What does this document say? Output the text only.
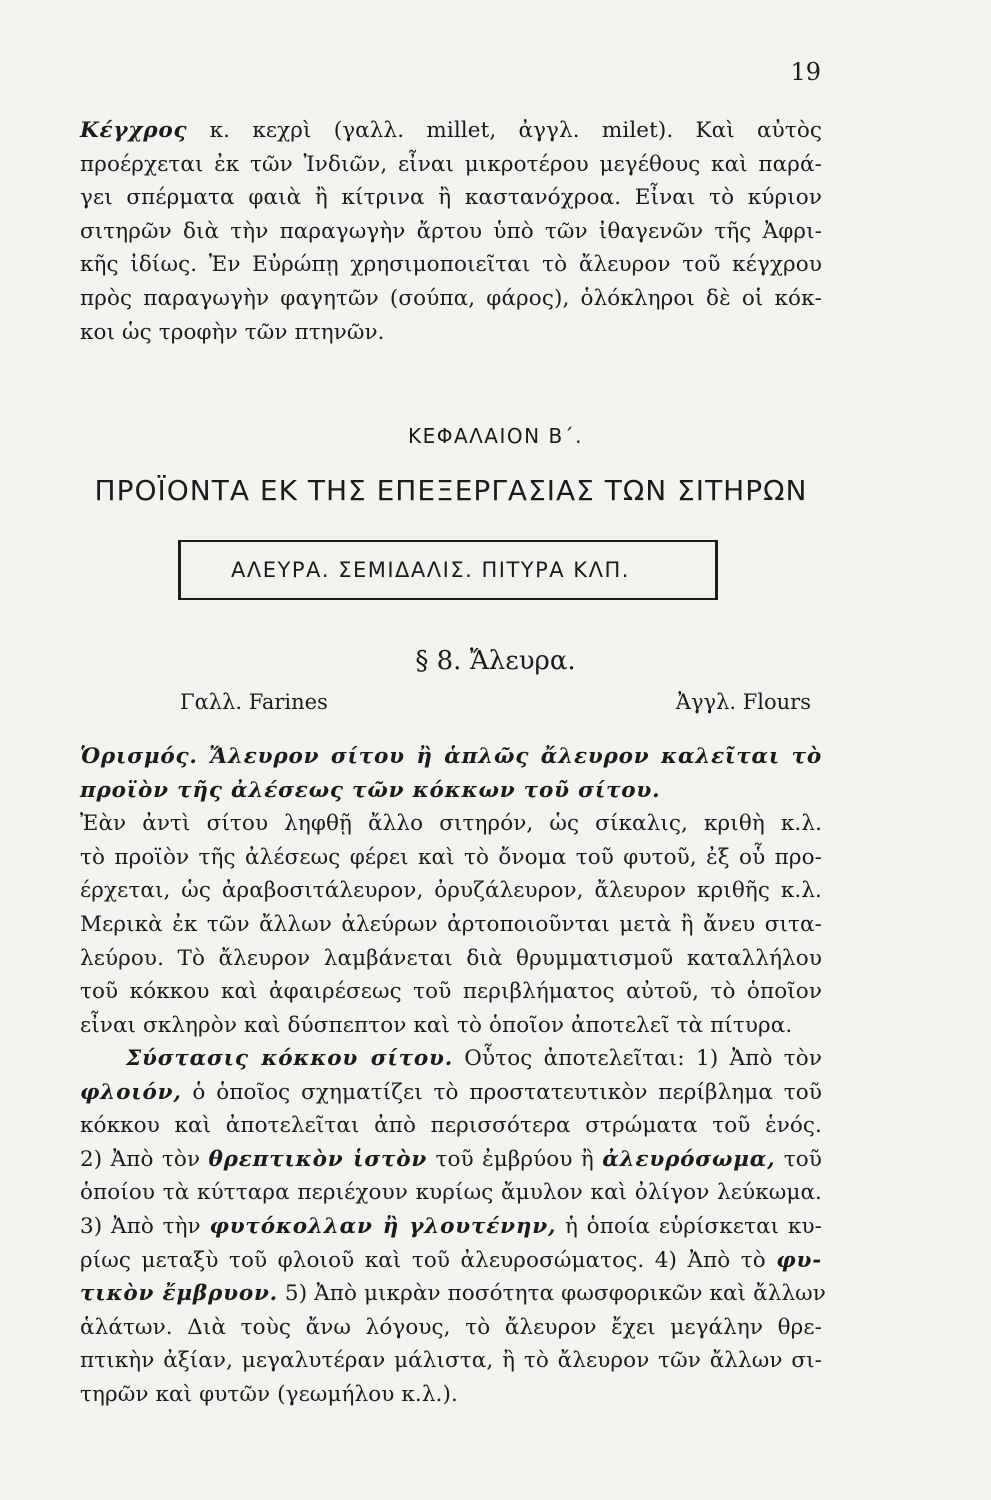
19
Κέγχρος κ. κεχρὶ (γαλλ. millet, ἀγγλ. milet). Καὶ αὐτὸς
προέρχεται ἐκ τῶν Ἰνδιῶν, εἶναι μικροτέρου μεγέθους καὶ παρά-
γει σπέρματα φαιὰ ἢ κίτρινα ἢ καστανόχροα. Εἶναι τὸ κύριον
σιτηρῶν διὰ τὴν παραγωγὴν ἄρτου ὑπὸ τῶν ἰθαγενῶν τῆς Ἀφρι-
κῆς ἰδίως. Ἐν Εὐρώπῃ χρησιμοποιεῖται τὸ ἄλευρον τοῦ κέγχρου
πρὸς παραγωγὴν φαγητῶν (σούπα, φάρος), ὁλόκληροι δὲ οἱ κόκ-
κοι ὡς τροφὴν τῶν πτηνῶν.
ΚΕΦΑΛΑΙΟΝ Β΄.
ΠΡΟΪΟΝΤΑ ΕΚ ΤΗΣ ΕΠΕΞΕΡΓΑΣΙΑΣ ΤΩΝ ΣΙΤΗΡΩΝ
ΑΛΕΥΡΑ. ΣΕΜΙΔΑΛΙΣ. ΠΙΤΥΡΑ ΚΛΠ.
§ 8. Ἄλευρα.
Γαλλ. Farines	Ἀγγλ. Flours
Ὁρισμός. Ἄλευρον σίτου ἢ ἁπλῶς ἄλευρον καλεῖται τὸ
προϊὸν τῆς ἀλέσεως τῶν κόκκων τοῦ σίτου.
Ἐὰν ἀντὶ σίτου ληφθῇ ἄλλο σιτηρόν, ὡς σίκαλις, κριθὴ κ.λ.
τὸ προϊὸν τῆς ἀλέσεως φέρει καὶ τὸ ὄνομα τοῦ φυτοῦ, ἐξ οὗ προ-
έρχεται, ὡς ἀραβοσιτάλευρον, ὀρυζάλευρον, ἄλευρον κριθῆς κ.λ.
Μερικὰ ἐκ τῶν ἄλλων ἀλεύρων ἀρτοποιοῦνται μετὰ ἢ ἄνευ σιτα-
λεύρου. Τὸ ἄλευρον λαμβάνεται διὰ θρυμματισμοῦ καταλλήλου
τοῦ κόκκου καὶ ἀφαιρέσεως τοῦ περιβλήματος αὐτοῦ, τὸ ὁποῖον
εἶναι σκληρὸν καὶ δύσπεπτον καὶ τὸ ὁποῖον ἀποτελεῖ τὰ πίτυρα.
Σύστασις κόκκου σίτου. Οὗτος ἀποτελεῖται: 1) Ἀπὸ τὸν
φλοιόν, ὁ ὁποῖος σχηματίζει τὸ προστατευτικὸν περίβλημα τοῦ
κόκκου καὶ ἀποτελεῖται ἀπὸ περισσότερα στρώματα τοῦ ἑνός.
2) Ἀπὸ τὸν θρεπτικὸν ἱστὸν τοῦ ἐμβρύου ἢ ἀλευρόσωμα, τοῦ
ὁποίου τὰ κύτταρα περιέχουν κυρίως ἄμυλον καὶ ὀλίγον λεύκωμα.
3) Ἀπὸ τὴν φυτόκολλαν ἢ γλουτένην, ἡ ὁποία εὑρίσκεται κυ-
ρίως μεταξὺ τοῦ φλοιοῦ καὶ τοῦ ἀλευροσώματος. 4) Ἀπὸ τὸ φυ-
τικὸν ἔμβρυον. 5) Ἀπὸ μικρὰν ποσότητα φωσφορικῶν καὶ ἄλλων
ἁλάτων. Διὰ τοὺς ἄνω λόγους, τὸ ἄλευρον ἔχει μεγάλην θρε-
πτικὴν ἀξίαν, μεγαλυτέραν μάλιστα, ἢ τὸ ἄλευρον τῶν ἄλλων σι-
τηρῶν καὶ φυτῶν (γεωμήλου κ.λ.).
